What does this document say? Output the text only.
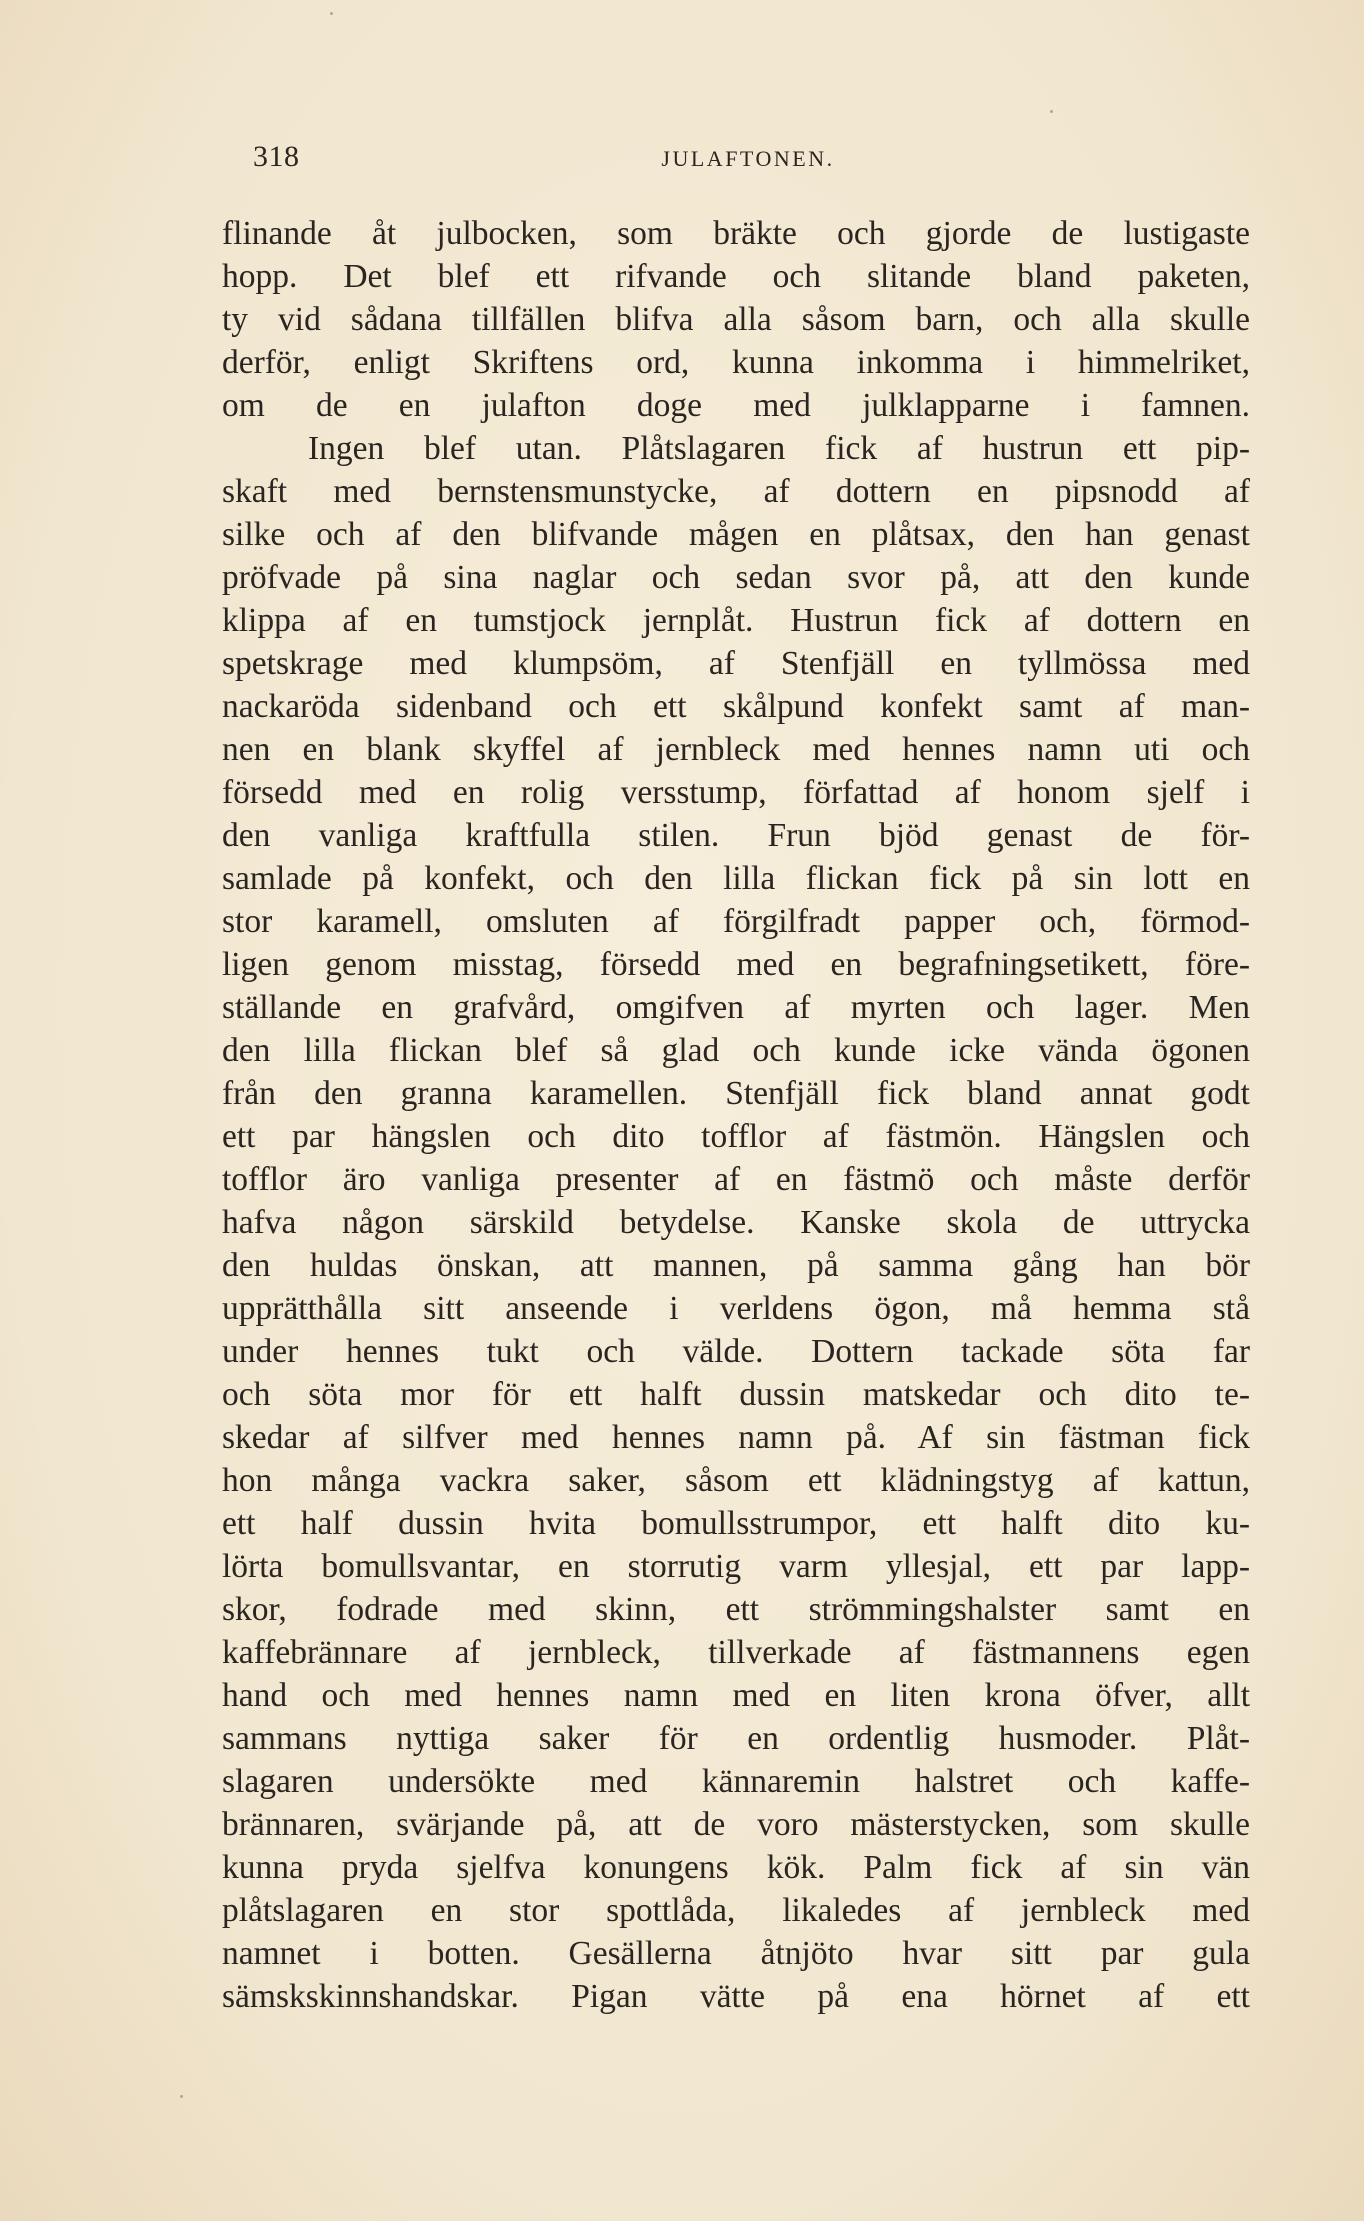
318	JULAFTONEN.
flinande åt julbocken, som bräkte och gjorde de lustigaste
hopp. Det blef ett rifvande och slitande bland paketen,
ty vid sådana tillfällen blifva alla såsom barn, och alla skulle
derför, enligt Skriftens ord, kunna inkomma i himmelriket,
om de en julafton doge med julklapparne i famnen.
Ingen blef utan. Plåtslagaren fick af hustrun ett pip-
skaft med bernstensmunstycke, af dottern en pipsnodd af
silke och af den blifvande mågen en plåtsax, den han genast
pröfvade på sina naglar och sedan svor på, att den kunde
klippa af en tumstjock jernplåt. Hustrun fick af dottern en
spetskrage med klumpsöm, af Stenfjäll en tyllmössa med
nackaröda sidenband och ett skålpund konfekt samt af man-
nen en blank skyffel af jernbleck med hennes namn uti och
försedd med en rolig versstump, författad af honom sjelf i
den vanliga kraftfulla stilen. Frun bjöd genast de för-
samlade på konfekt, och den lilla flickan fick på sin lott en
stor karamell, omsluten af förgilfradt papper och, förmod-
ligen genom misstag, försedd med en begrafningsetikett, före-
ställande en grafvård, omgifven af myrten och lager. Men
den lilla flickan blef så glad och kunde icke vända ögonen
från den granna karamellen. Stenfjäll fick bland annat godt
ett par hängslen och dito tofflor af fästmön. Hängslen och
tofflor äro vanliga presenter af en fästmö och måste derför
hafva någon särskild betydelse. Kanske skola de uttrycka
den huldas önskan, att mannen, på samma gång han bör
upprätthålla sitt anseende i verldens ögon, må hemma stå
under hennes tukt och välde. Dottern tackade söta far
och söta mor för ett halft dussin matskedar och dito te-
skedar af silfver med hennes namn på. Af sin fästman fick
hon många vackra saker, såsom ett klädningstyg af kattun,
ett half dussin hvita bomullsstrumpor, ett halft dito ku-
lörta bomullsvantar, en storrutig varm yllesjal, ett par lapp-
skor, fodrade med skinn, ett strömmingshalster samt en
kaffebrännare af jernbleck, tillverkade af fästmannens egen
hand och med hennes namn med en liten krona öfver, allt
sammans nyttiga saker för en ordentlig husmoder. Plåt-
slagaren undersökte med kännaremin halstret och kaffe-
brännaren, svärjande på, att de voro mästerstycken, som skulle
kunna pryda sjelfva konungens kök. Palm fick af sin vän
plåtslagaren en stor spottlåda, likaledes af jernbleck med
namnet i botten. Gesällerna åtnjöto hvar sitt par gula
sämskskinnshandskar. Pigan vätte på ena hörnet af ett
